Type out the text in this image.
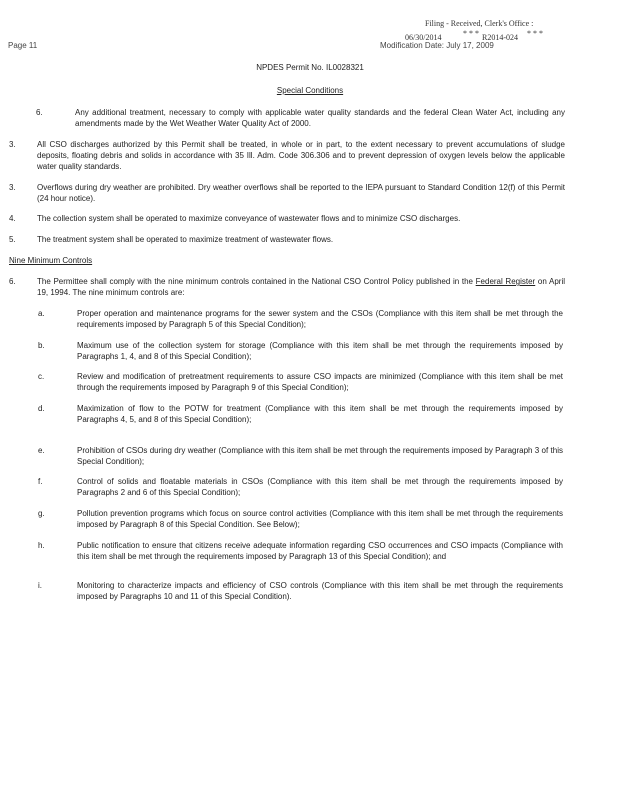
Filing - Received, Clerk's Office :
06/30/2014	* * * R2014-024 * * *
Page 11	Modification Date: July 17, 2009
NPDES Permit No. IL0028321
Special Conditions
6.	Any additional treatment, necessary to comply with applicable water quality standards and the federal Clean Water Act, including any amendments made by the Wet Weather Water Quality Act of 2000.
3.	All CSO discharges authorized by this Permit shall be treated, in whole or in part, to the extent necessary to prevent accumulations of sludge deposits, floating debris and solids in accordance with 35 Ill. Adm. Code 306.306 and to prevent depression of oxygen levels below the applicable water quality standards.
3.	Overflows during dry weather are prohibited. Dry weather overflows shall be reported to the IEPA pursuant to Standard Condition 12(f) of this Permit (24 hour notice).
4.	The collection system shall be operated to maximize conveyance of wastewater flows and to minimize CSO discharges.
5.	The treatment system shall be operated to maximize treatment of wastewater flows.
Nine Minimum Controls
6.	The Permittee shall comply with the nine minimum controls contained in the National CSO Control Policy published in the Federal Register on April 19, 1994. The nine minimum controls are:
a.	Proper operation and maintenance programs for the sewer system and the CSOs (Compliance with this item shall be met through the requirements imposed by Paragraph 5 of this Special Condition);
b.	Maximum use of the collection system for storage (Compliance with this item shall be met through the requirements imposed by Paragraphs 1, 4, and 8 of this Special Condition);
c.	Review and modification of pretreatment requirements to assure CSO impacts are minimized (Compliance with this item shall be met through the requirements imposed by Paragraph 9 of this Special Condition);
d.	Maximization of flow to the POTW for treatment (Compliance with this item shall be met through the requirements imposed by Paragraphs 4, 5, and 8 of this Special Condition);
e.	Prohibition of CSOs during dry weather (Compliance with this item shall be met through the requirements imposed by Paragraph 3 of this Special Condition);
f.	Control of solids and floatable materials in CSOs (Compliance with this item shall be met through the requirements imposed by Paragraphs 2 and 6 of this Special Condition);
g.	Pollution prevention programs which focus on source control activities (Compliance with this item shall be met through the requirements imposed by Paragraph 8 of this Special Condition. See Below);
h.	Public notification to ensure that citizens receive adequate information regarding CSO occurrences and CSO impacts (Compliance with this item shall be met through the requirements imposed by Paragraph 13 of this Special Condition); and
i.	Monitoring to characterize impacts and efficiency of CSO controls (Compliance with this item shall be met through the requirements imposed by Paragraphs 10 and 11 of this Special Condition).
